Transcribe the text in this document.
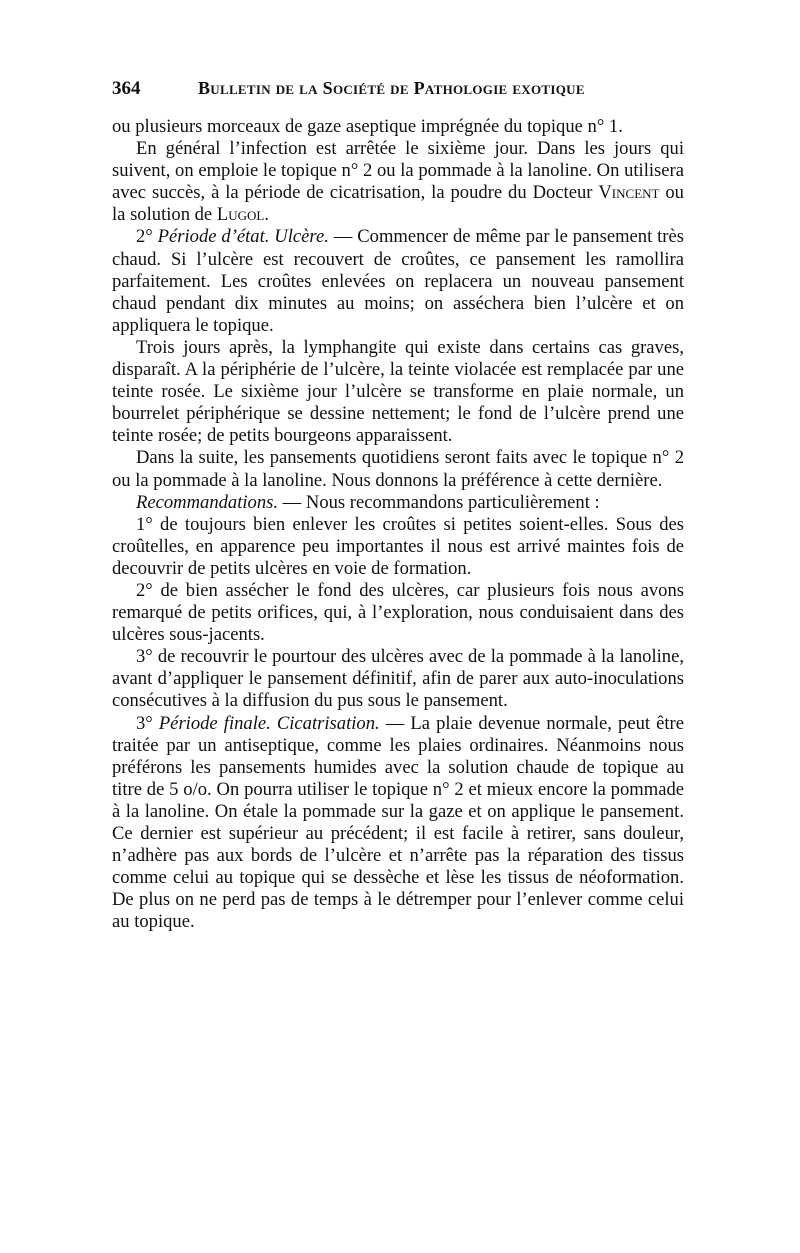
364	Bulletin de la Société de Pathologie exotique

ou plusieurs morceaux de gaze aseptique imprégnée du topique n° 1.

En général l’infection est arrêtée le sixième jour. Dans les jours qui suivent, on emploie le topique n° 2 ou la pommade à la lanoline. On utilisera avec succès, à la période de cicatrisation, la poudre du Docteur Vincent ou la solution de Lugol.

2° Période d’état. Ulcère. — Commencer de même par le pansement très chaud. Si l’ulcère est recouvert de croûtes, ce pansement les ramollira parfaitement. Les croûtes enlevées on replacera un nouveau pansement chaud pendant dix minutes au moins; on asséchera bien l’ulcère et on appliquera le topique.

Trois jours après, la lymphangite qui existe dans certains cas graves, disparaît. A la périphérie de l’ulcère, la teinte violacée est remplacée par une teinte rosée. Le sixième jour l’ulcère se transforme en plaie normale, un bourrelet périphérique se dessine nettement; le fond de l’ulcère prend une teinte rosée; de petits bourgeons apparaissent.

Dans la suite, les pansements quotidiens seront faits avec le topique n° 2 ou la pommade à la lanoline. Nous donnons la préférence à cette dernière.

Recommandations. — Nous recommandons particulièrement :

1° de toujours bien enlever les croûtes si petites soient-elles. Sous des croûtelles, en apparence peu importantes il nous est arrivé maintes fois de decouvrir de petits ulcères en voie de formation.

2° de bien assécher le fond des ulcères, car plusieurs fois nous avons remarqué de petits orifices, qui, à l’exploration, nous conduisaient dans des ulcères sous-jacents.

3° de recouvrir le pourtour des ulcères avec de la pommade à la lanoline, avant d’appliquer le pansement définitif, afin de parer aux auto-inoculations consécutives à la diffusion du pus sous le pansement.

3° Période finale. Cicatrisation. — La plaie devenue normale, peut être traitée par un antiseptique, comme les plaies ordinaires. Néanmoins nous préférons les pansements humides avec la solution chaude de topique au titre de 5 o/o. On pourra utiliser le topique n° 2 et mieux encore la pommade à la lanoline. On étale la pommade sur la gaze et on applique le pansement. Ce dernier est supérieur au précédent; il est facile à retirer, sans douleur, n’adhère pas aux bords de l’ulcère et n’arrête pas la réparation des tissus comme celui au topique qui se dessèche et lèse les tissus de néoformation. De plus on ne perd pas de temps à le détremper pour l’enlever comme celui au topique.
